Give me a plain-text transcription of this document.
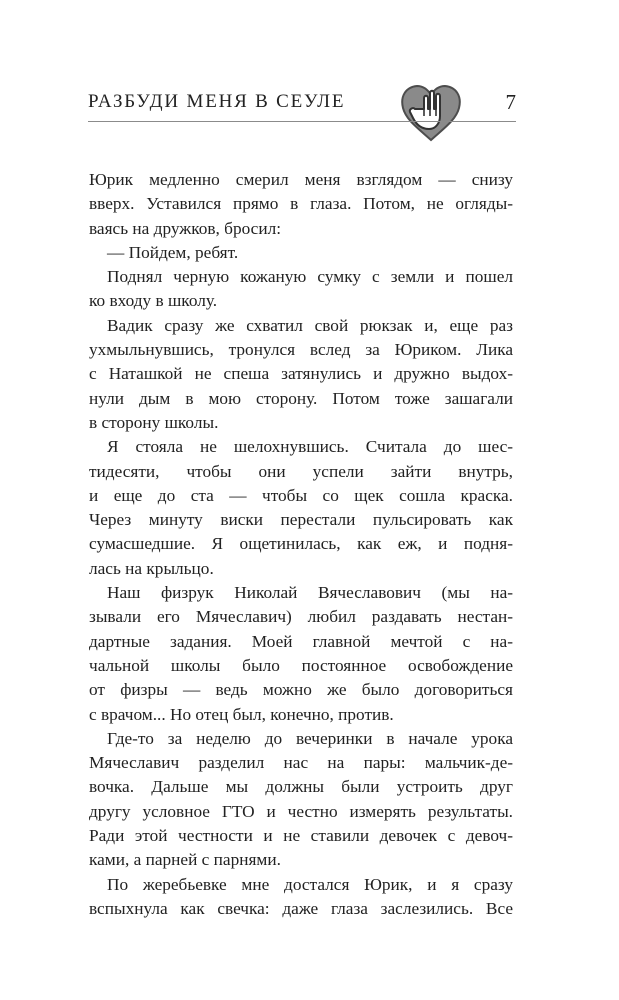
РАЗБУДИ МЕНЯ В СЕУЛЕ	7
Юрик медленно смерил меня взглядом — снизу
вверх. Уставился прямо в глаза. Потом, не огляды-
ваясь на дружков, бросил:
— Пойдем, ребят.
Поднял черную кожаную сумку с земли и пошел
ко входу в школу.
Вадик сразу же схватил свой рюкзак и, еще раз
ухмыльнувшись, тронулся вслед за Юриком. Лика
с Наташкой не спеша затянулись и дружно выдох-
нули дым в мою сторону. Потом тоже зашагали
в сторону школы.
Я стояла не шелохнувшись. Считала до шес-
тидесяти, чтобы они успели зайти внутрь,
и еще до ста — чтобы со щек сошла краска.
Через минуту виски перестали пульсировать как
сумасшедшие. Я ощетинилась, как еж, и подня-
лась на крыльцо.
Наш физрук Николай Вячеславович (мы на-
зывали его Мячеславич) любил раздавать нестан-
дартные задания. Моей главной мечтой с на-
чальной школы было постоянное освобождение
от физры — ведь можно же было договориться
с врачом... Но отец был, конечно, против.
Где-то за неделю до вечеринки в начале урока
Мячеславич разделил нас на пары: мальчик-де-
вочка. Дальше мы должны были устроить друг
другу условное ГТО и честно измерять результаты.
Ради этой честности и не ставили девочек с девоч-
ками, а парней с парнями.
По жеребьевке мне достался Юрик, и я сразу
вспыхнула как свечка: даже глаза заслезились. Все
